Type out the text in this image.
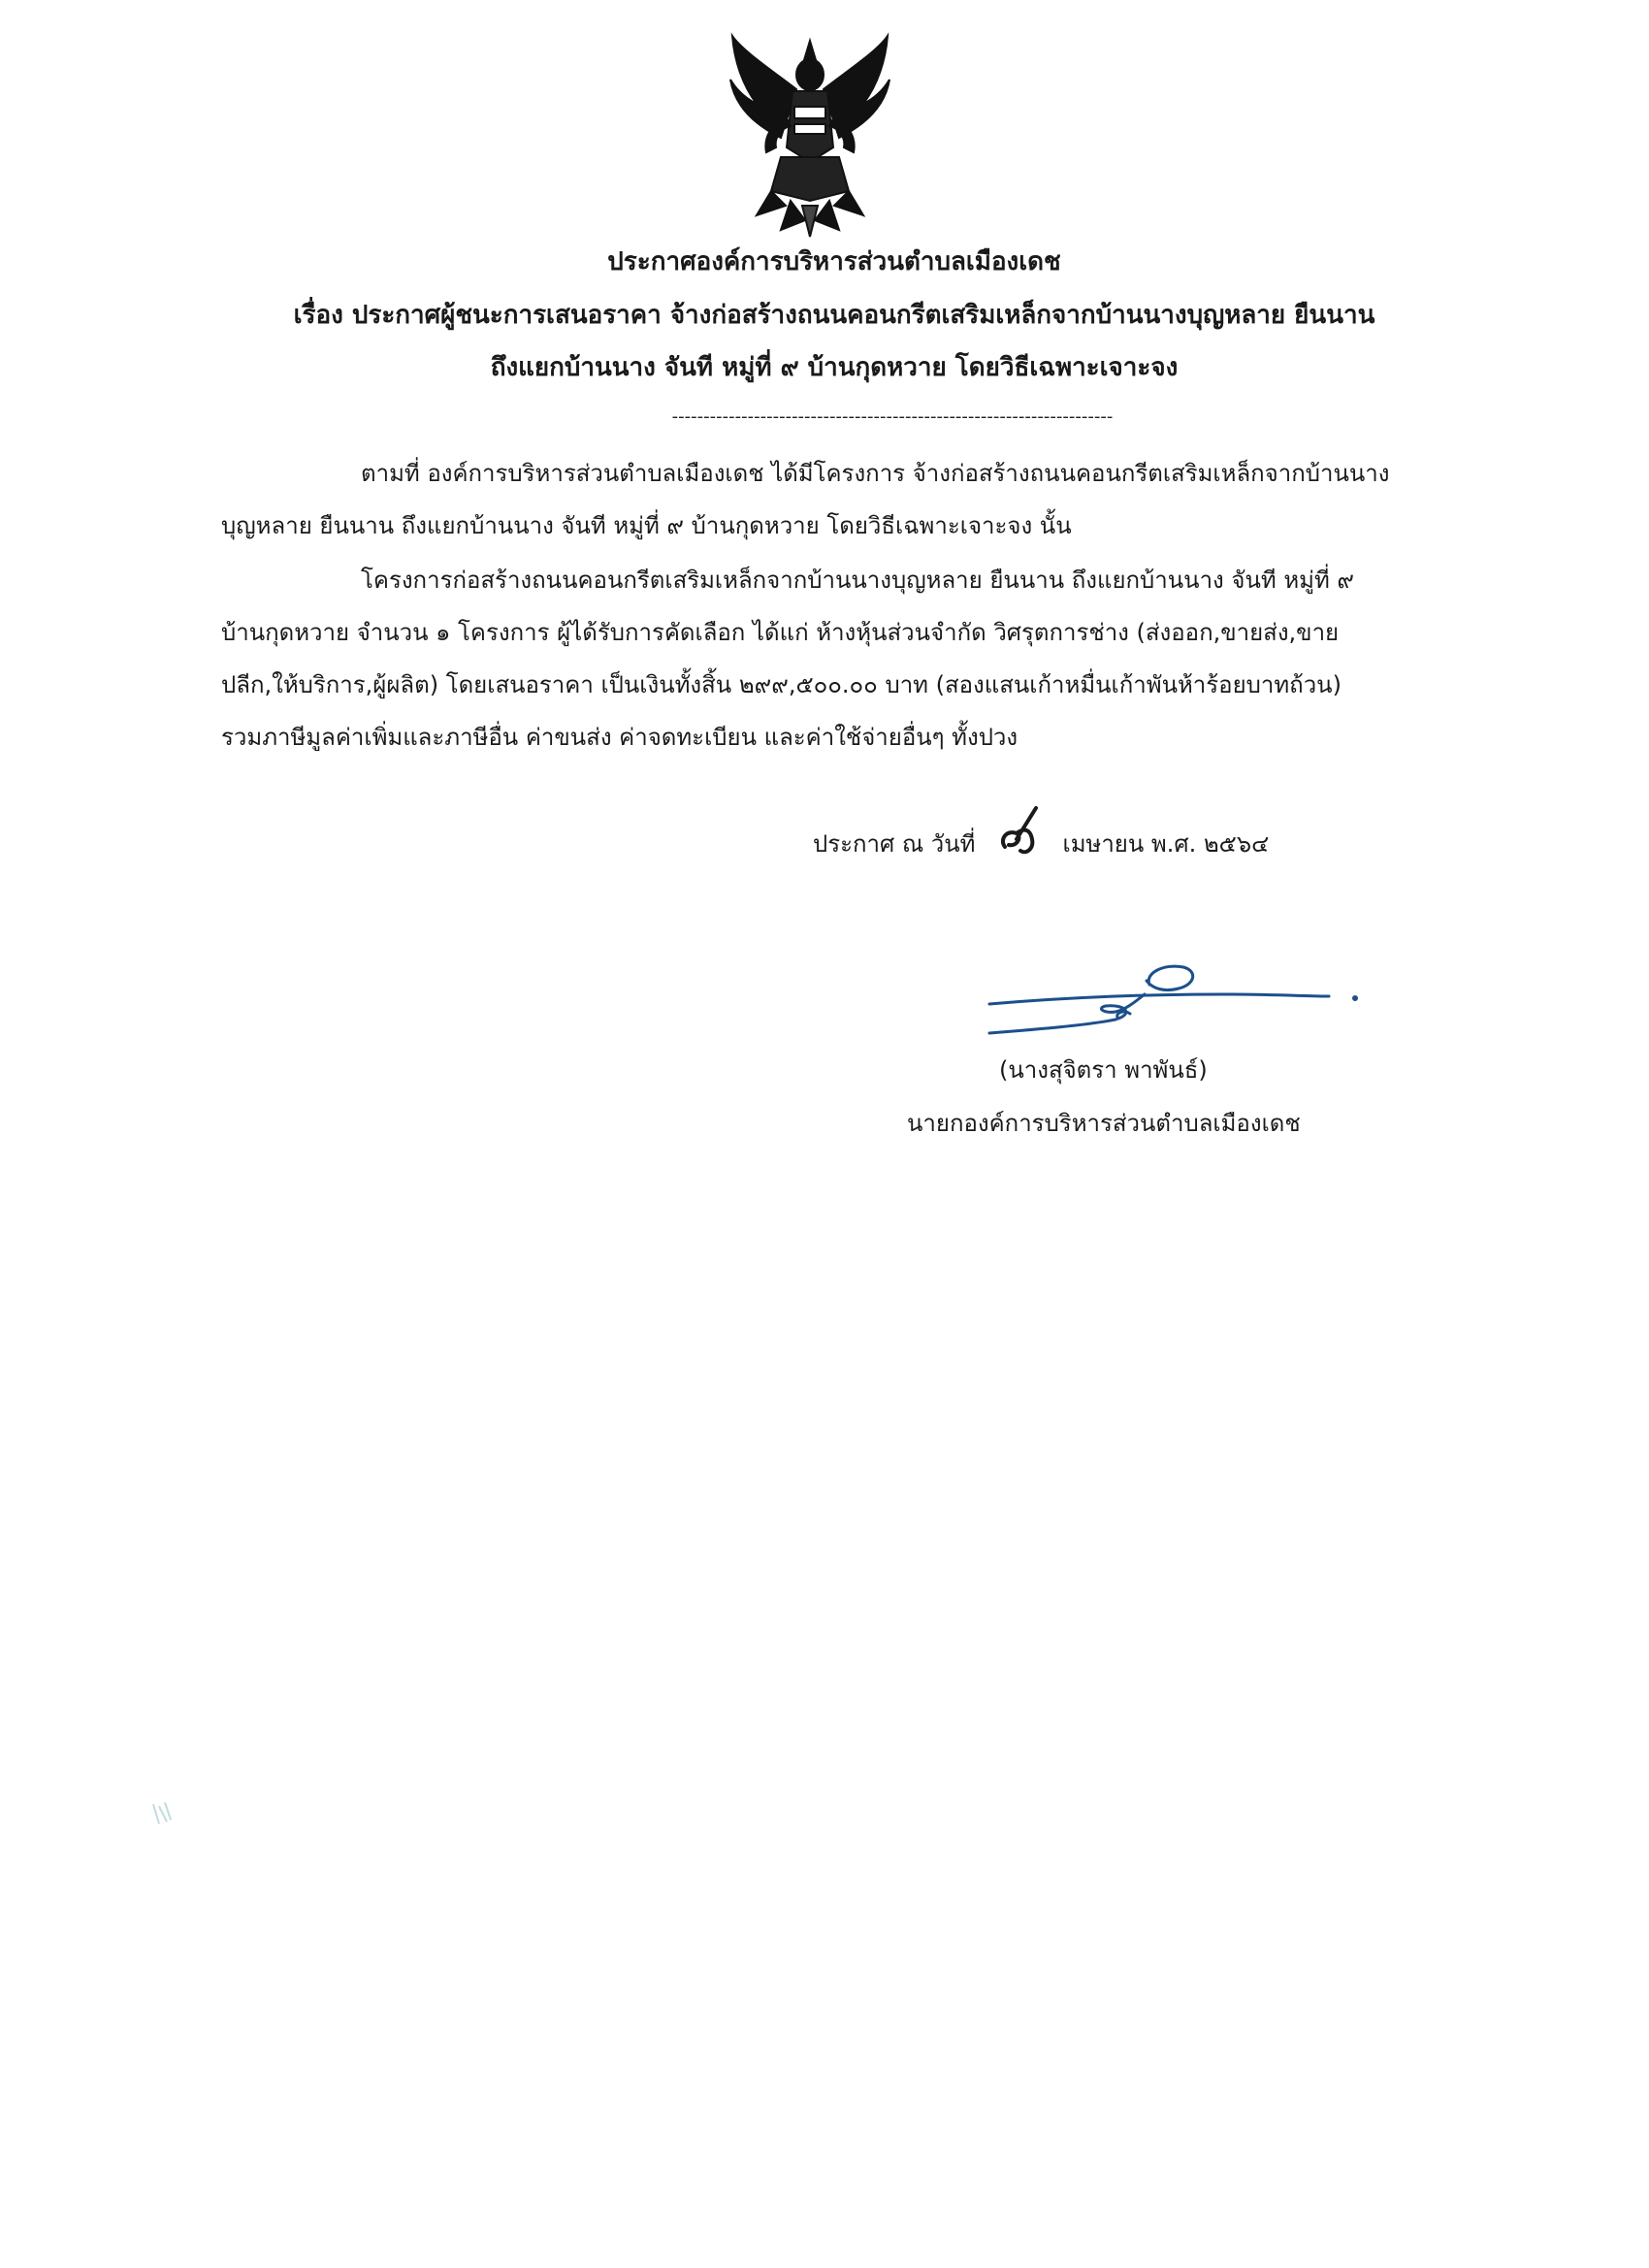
ประกาศองค์การบริหารส่วนตำบลเมืองเดช
เรื่อง ประกาศผู้ชนะการเสนอราคา จ้างก่อสร้างถนนคอนกรีตเสริมเหล็กจากบ้านนางบุญหลาย ยืนนาน
ถึงแยกบ้านนาง จันที หมู่ที่ ๙ บ้านกุดหวาย โดยวิธีเฉพาะเจาะจง
----------------------------------------------------------------------
ตามที่ องค์การบริหารส่วนตำบลเมืองเดช ได้มีโครงการ จ้างก่อสร้างถนนคอนกรีตเสริมเหล็กจากบ้านนาง
บุญหลาย ยืนนาน ถึงแยกบ้านนาง จันที หมู่ที่ ๙ บ้านกุดหวาย โดยวิธีเฉพาะเจาะจง นั้น
โครงการก่อสร้างถนนคอนกรีตเสริมเหล็กจากบ้านนางบุญหลาย ยืนนาน ถึงแยกบ้านนาง จันที หมู่ที่ ๙
บ้านกุดหวาย จำนวน ๑ โครงการ ผู้ได้รับการคัดเลือก ได้แก่ ห้างหุ้นส่วนจำกัด วิศรุตการช่าง (ส่งออก,ขายส่ง,ขาย
ปลีก,ให้บริการ,ผู้ผลิต) โดยเสนอราคา เป็นเงินทั้งสิ้น ๒๙๙,๕๐๐.๐๐ บาท (สองแสนเก้าหมื่นเก้าพันห้าร้อยบาทถ้วน)
รวมภาษีมูลค่าเพิ่มและภาษีอื่น ค่าขนส่ง ค่าจดทะเบียน และค่าใช้จ่ายอื่นๆ ทั้งปวง
ประกาศ ณ วันที่	เมษายน พ.ศ. ๒๕๖๔
(นางสุจิตรา พาพันธ์)
นายกองค์การบริหารส่วนตำบลเมืองเดช
